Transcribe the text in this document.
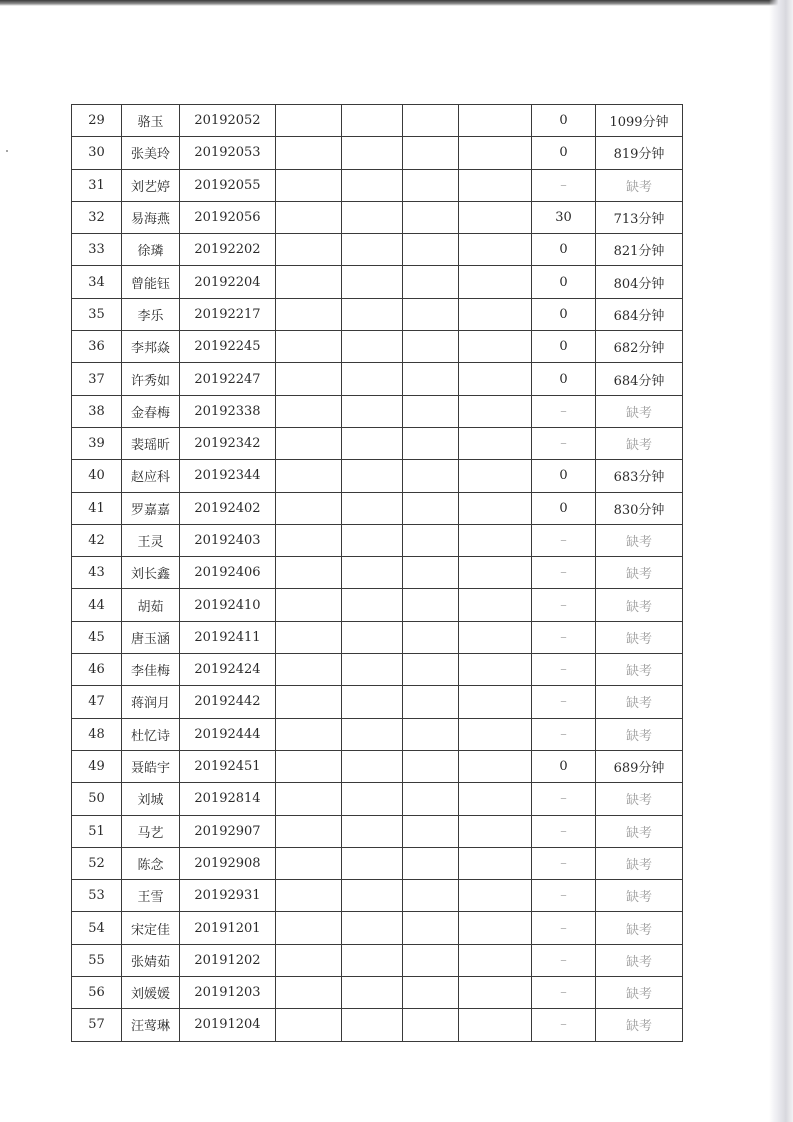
29	骆玉	20192052					0	1099分钟
30	张美玲	20192053					0	819分钟
31	刘艺婷	20192055					–	缺考
32	易海燕	20192056					30	713分钟
33	徐璘	20192202					0	821分钟
34	曾能钰	20192204					0	804分钟
35	李乐	20192217					0	684分钟
36	李邦焱	20192245					0	682分钟
37	许秀如	20192247					0	684分钟
38	金春梅	20192338					–	缺考
39	裴瑶昕	20192342					–	缺考
40	赵应科	20192344					0	683分钟
41	罗嘉嘉	20192402					0	830分钟
42	王灵	20192403					–	缺考
43	刘长鑫	20192406					–	缺考
44	胡茹	20192410					–	缺考
45	唐玉涵	20192411					–	缺考
46	李佳梅	20192424					–	缺考
47	蒋润月	20192442					–	缺考
48	杜忆诗	20192444					–	缺考
49	聂皓宇	20192451					0	689分钟
50	刘城	20192814					–	缺考
51	马艺	20192907					–	缺考
52	陈念	20192908					–	缺考
53	王雪	20192931					–	缺考
54	宋定佳	20191201					–	缺考
55	张婧茹	20191202					–	缺考
56	刘媛媛	20191203					–	缺考
57	汪莺琳	20191204					–	缺考
